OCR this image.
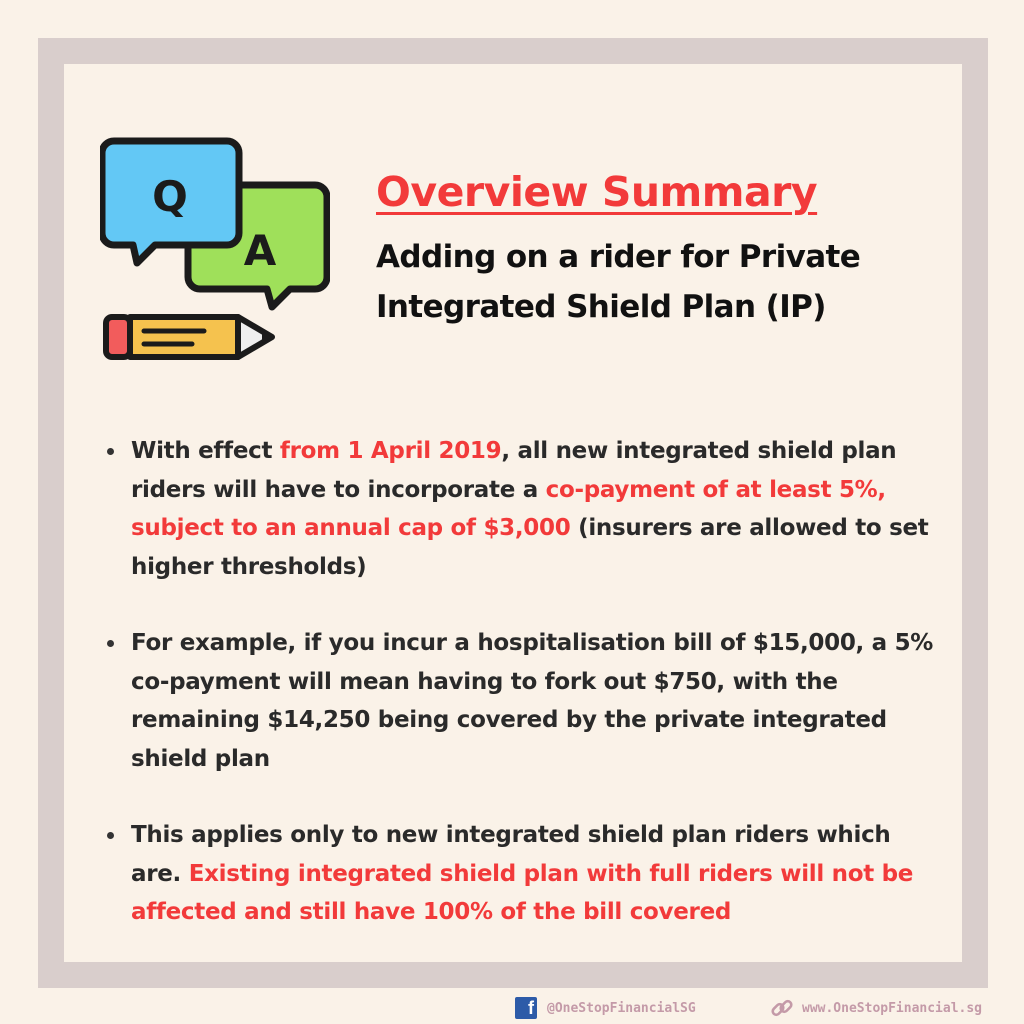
Q
A
Overview Summary
Adding on a rider for Private Integrated Shield Plan (IP)
With effect from 1 April 2019, all new integrated shield plan riders will have to incorporate a co-payment of at least 5%, subject to an annual cap of $3,000 (insurers are allowed to set higher thresholds)
For example, if you incur a hospitalisation bill of $15,000, a 5% co-payment will mean having to fork out $750, with the remaining $14,250 being covered by the private integrated shield plan
This applies only to new integrated shield plan riders which are. Existing integrated shield plan with full riders will not be affected and still have 100% of the bill covered
f @OneStopFinancialSG	www.OneStopFinancial.sg
